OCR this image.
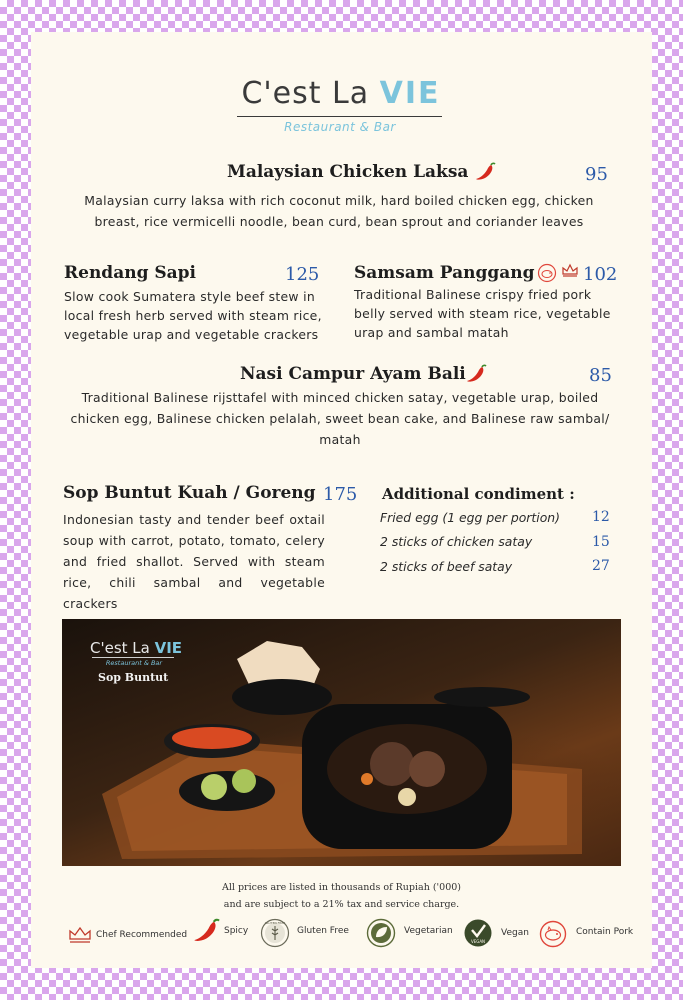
C'est La VIE
Restaurant & Bar
Malaysian Chicken Laksa	95
Malaysian curry laksa with rich coconut milk, hard boiled chicken egg, chicken breast, rice vermicelli noodle, bean curd, bean sprout and coriander leaves
Rendang Sapi	125
Slow cook Sumatera style beef stew in local fresh herb served with steam rice, vegetable urap and vegetable crackers
Samsam Panggang	102
Traditional Balinese crispy fried pork belly served with steam rice, vegetable urap and sambal matah
Nasi Campur Ayam Bali	85
Traditional Balinese rijsttafel with minced chicken satay, vegetable urap, boiled chicken egg, Balinese chicken pelalah, sweet bean cake, and Balinese raw sambal/ matah
Sop Buntut Kuah / Goreng 175
Indonesian tasty and tender beef oxtail soup with carrot, potato, tomato, celery and fried shallot. Served with steam rice, chili sambal and vegetable crackers
Additional condiment :
Fried egg (1 egg per portion) 12
2 sticks of chicken satay	15
2 sticks of beef satay	27
C'est La VIE
Restaurant & Bar
Sop Buntut
All prices are listed in thousands of Rupiah ('000)
and are subject to a 21% tax and service charge.
Chef Recommended	Spicy
GLUTEN FREE
Gluten Free	Vegetarian
VEGAN
Vegan	Contain Pork
